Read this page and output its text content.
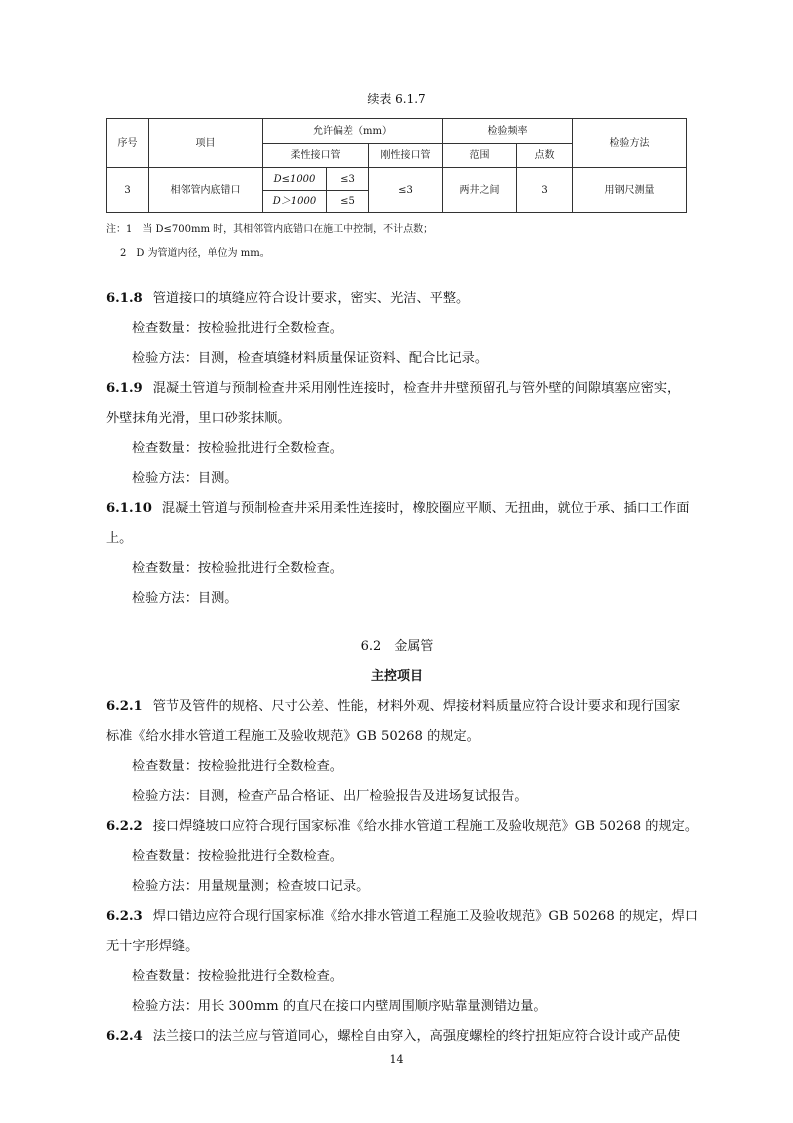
续表 6.1.7
序号	项目	允许偏差（mm）			检验频率		检验方法
		柔性接口管		刚性接口管	范围	点数	
3	相邻管内底错口	D≤1000	≤3	≤3	两井之间	3	用钢尺测量
		D＞1000	≤5				
注：1　当 D≤700mm 时，其相邻管内底错口在施工中控制，不计点数；
2　D 为管道内径，单位为 mm。
6.1.8 管道接口的填缝应符合设计要求，密实、光洁、平整。
检查数量：按检验批进行全数检查。
检验方法：目测，检查填缝材料质量保证资料、配合比记录。
6.1.9 混凝土管道与预制检查井采用刚性连接时，检查井井壁预留孔与管外壁的间隙填塞应密实，
外壁抹角光滑，里口砂浆抹顺。
检查数量：按检验批进行全数检查。
检验方法：目测。
6.1.10 混凝土管道与预制检查井采用柔性连接时，橡胶圈应平顺、无扭曲，就位于承、插口工作面
上。
检查数量：按检验批进行全数检查。
检验方法：目测。
6.2　金属管
主控项目
6.2.1 管节及管件的规格、尺寸公差、性能，材料外观、焊接材料质量应符合设计要求和现行国家
标准《给水排水管道工程施工及验收规范》GB 50268 的规定。
检查数量：按检验批进行全数检查。
检验方法：目测，检查产品合格证、出厂检验报告及进场复试报告。
6.2.2 接口焊缝坡口应符合现行国家标准《给水排水管道工程施工及验收规范》GB 50268 的规定。
检查数量：按检验批进行全数检查。
检验方法：用量规量测；检查坡口记录。
6.2.3 焊口错边应符合现行国家标准《给水排水管道工程施工及验收规范》GB 50268 的规定，焊口
无十字形焊缝。
检查数量：按检验批进行全数检查。
检验方法：用长 300mm 的直尺在接口内壁周围顺序贴靠量测错边量。
6.2.4 法兰接口的法兰应与管道同心，螺栓自由穿入，高强度螺栓的终拧扭矩应符合设计或产品使
14
